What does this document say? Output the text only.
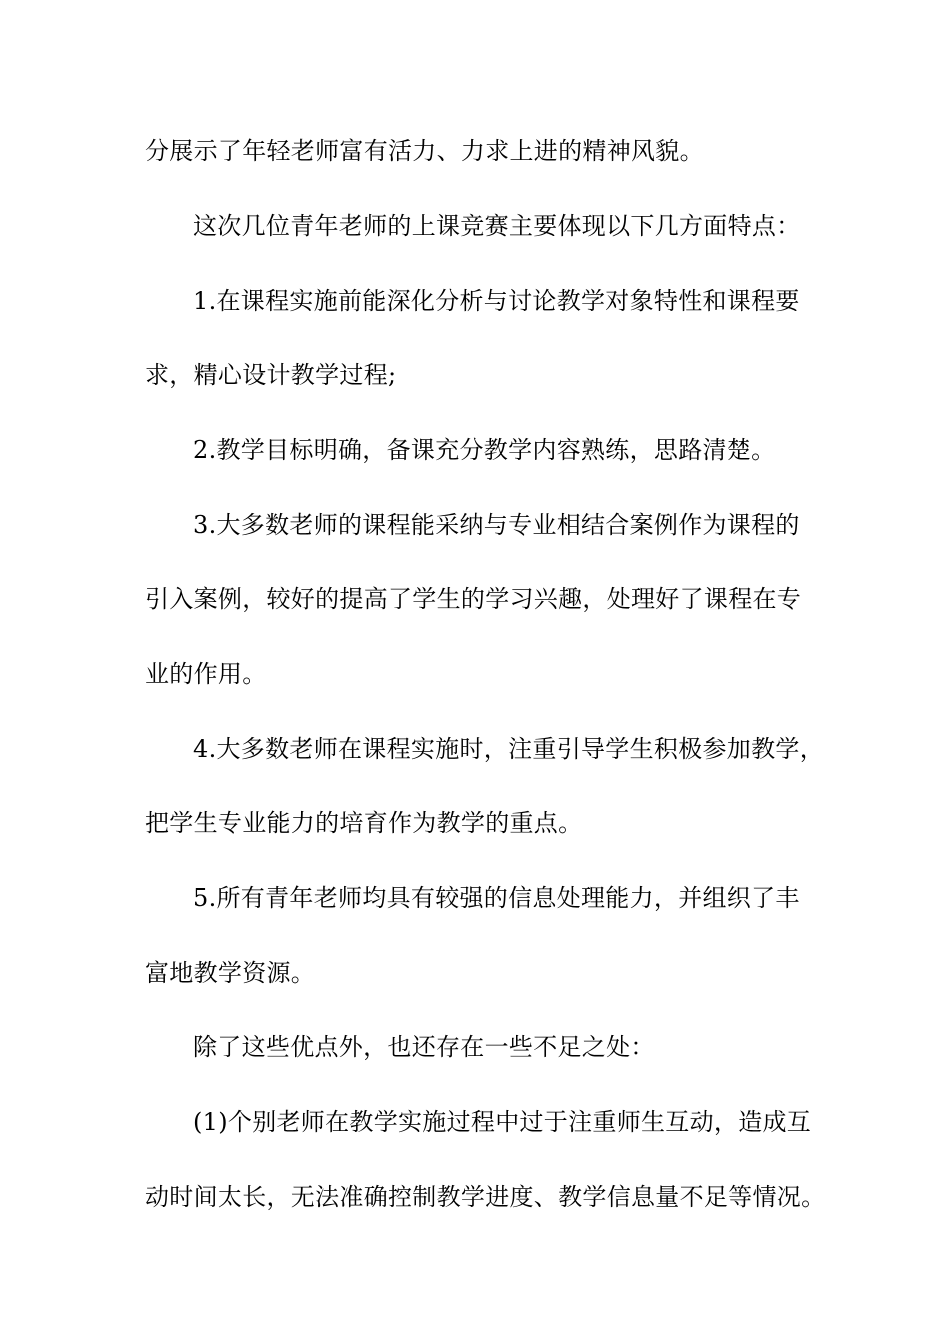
分展示了年轻老师富有活力、力求上进的精神风貌。
这次几位青年老师的上课竞赛主要体现以下几方面特点：
1.在课程实施前能深化分析与讨论教学对象特性和课程要
求，精心设计教学过程;
2.教学目标明确，备课充分教学内容熟练，思路清楚。
3.大多数老师的课程能采纳与专业相结合案例作为课程的
引入案例，较好的提高了学生的学习兴趣，处理好了课程在专
业的作用。
4.大多数老师在课程实施时，注重引导学生积极参加教学，
把学生专业能力的培育作为教学的重点。
5.所有青年老师均具有较强的信息处理能力，并组织了丰
富地教学资源。
除了这些优点外，也还存在一些不足之处：
(1)个别老师在教学实施过程中过于注重师生互动，造成互
动时间太长，无法准确控制教学进度、教学信息量不足等情况。
